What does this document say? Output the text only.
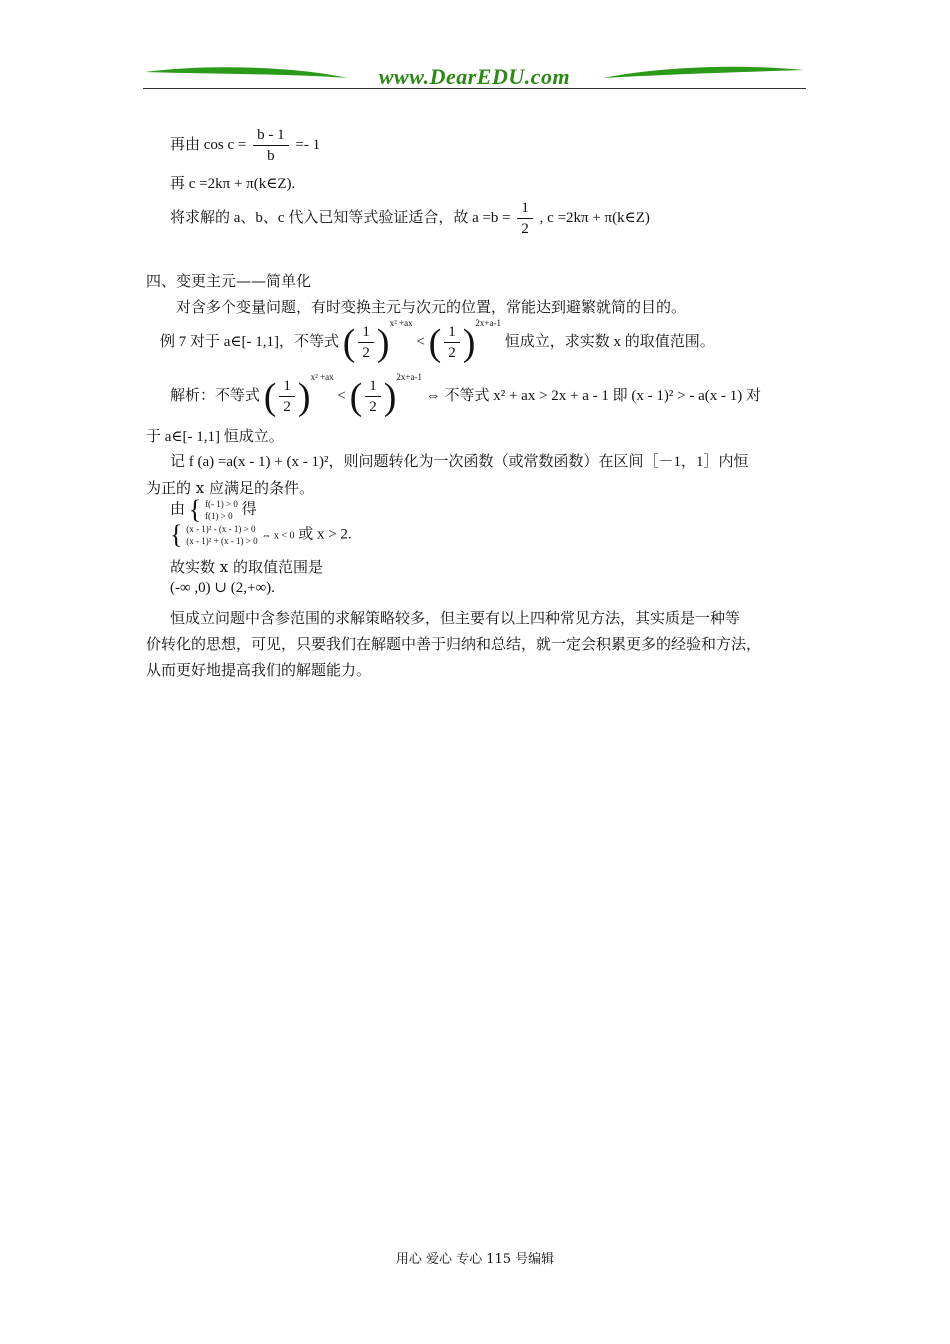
www.DearEDU.com
再由 $\cos c = \frac{b - 1}{b} =- 1$
再 c =2kπ + π(k∈Z).
将求解的 a、b、c 代入已知等式验证适合，故 $a =b = \frac{1}{2}$ , c =2kπ + π(k∈Z)
四、变更主元——简单化
对含多个变量问题，有时变换主元与次元的位置，常能达到避繁就简的目的。
例 7 对于 a∈[- 1,1]，不等式 ( $\frac{1}{2} )^{x^2 +ax}$ < ( $\frac{1}{2} )^{2x+a-1}$ 恒成立，求实数 x 的取值范围。
解析：不等式 ( $\frac{1}{2} )^{x^2 +ax}$ < ( $\frac{1}{2} )^{2x+a-1}$ ⇔ 不等式 x² + ax > 2x + a - 1 即 (x - 1)² > - a(x - 1) 对
于 a∈[- 1,1] 恒成立。
记 f (a) =a(x - 1) + (x - 1)²，则问题转化为一次函数（或常数函数）在区间［－1，1］内恒
为正的 x 应满足的条件。
由 { f(- 1) > 0
f(1) > 0 得
{ (x - 1)² - (x - 1) > 0
(x - 1)² + (x - 1) > 0 ⇔ x < 0 或 x > 2.
故实数 x 的取值范围是
(-∞ ,0) ∪ (2,+∞).
恒成立问题中含参范围的求解策略较多，但主要有以上四种常见方法，其实质是一种等
价转化的思想，可见，只要我们在解题中善于归纳和总结，就一定会积累更多的经验和方法，
从而更好地提高我们的解题能力。
用心 爱心 专心 115 号编辑
